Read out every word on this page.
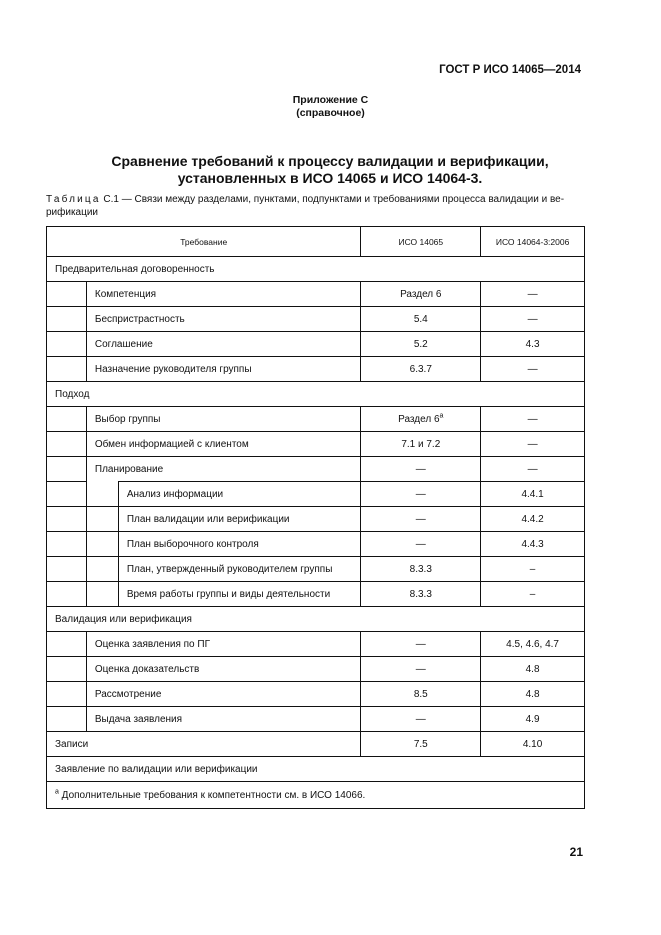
ГОСТ Р ИСО 14065—2014
Приложение С
(справочное)
Сравнение требований к процессу валидации и верификации,
установленных в ИСО 14065 и ИСО 14064-3.
Таблица С.1 — Связи между разделами, пунктами, подпунктами и требованиями процесса валидации и ве-рификации
Требование			ИСО 14065	ИСО 14064-3:2006
Предварительная договоренность				
	Компетенция		Раздел 6	—
	Беспристрастность		5.4	—
	Соглашение		5.2	4.3
	Назначение руководителя группы		6.3.7	—
Подход				
	Выбор группы		Раздел 6$^a$	—
	Обмен информацией с клиентом		7.1 и 7.2	—
	Планирование		—	—
		Анализ информации	—	4.4.1
		План валидации или верификации	—	4.4.2
		План выборочного контроля	—	4.4.3
		План, утвержденный руководителем группы	8.3.3	–
		Время работы группы и виды деятельности	8.3.3	–
Валидация или верификация				
	Оценка заявления по ПГ		—	4.5, 4.6, 4.7
	Оценка доказательств		—	4.8
	Рассмотрение		8.5	4.8
	Выдача заявления		—	4.9
Записи			7.5	4.10
Заявление по валидации или верификации				
$^a$ Дополнительные требования к компетентности см. в ИСО 14066.				
21
